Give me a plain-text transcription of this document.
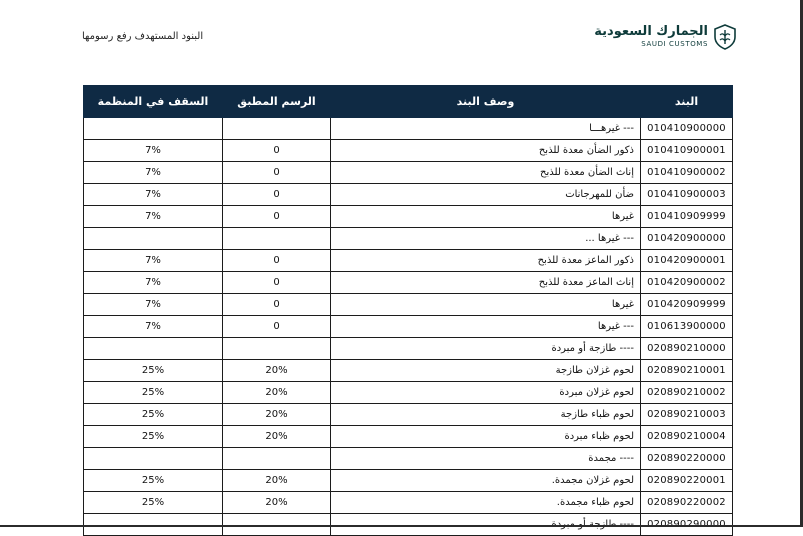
الجمارك السعودية
SAUDI CUSTOMS
البنود المستهدف رفع رسومها
البند	وصف البند	الرسم المطبق	السقف في المنظمة
010410900000	--- غيرهـــا		
010410900001	ذكور الضأن معدة للذبح	0	7%
010410900002	إناث الضأن معدة للذبح	0	7%
010410900003	ضأن للمهرجانات	0	7%
010410909999	غيرها	0	7%
010420900000	--- غيرها ...		
010420900001	ذكور الماعز معدة للذبح	0	7%
010420900002	إناث الماعز معدة للذبح	0	7%
010420909999	غيرها	0	7%
010613900000	--- غيرها	0	7%
020890210000	---- طازجة أو مبردة		
020890210001	لحوم غزلان طازجة	20%	25%
020890210002	لحوم غزلان مبردة	20%	25%
020890210003	لحوم ظباء طازجة	20%	25%
020890210004	لحوم ظباء مبردة	20%	25%
020890220000	---- مجمدة		
020890220001	لحوم غزلان مجمدة.	20%	25%
020890220002	لحوم ظباء مجمدة.	20%	25%
